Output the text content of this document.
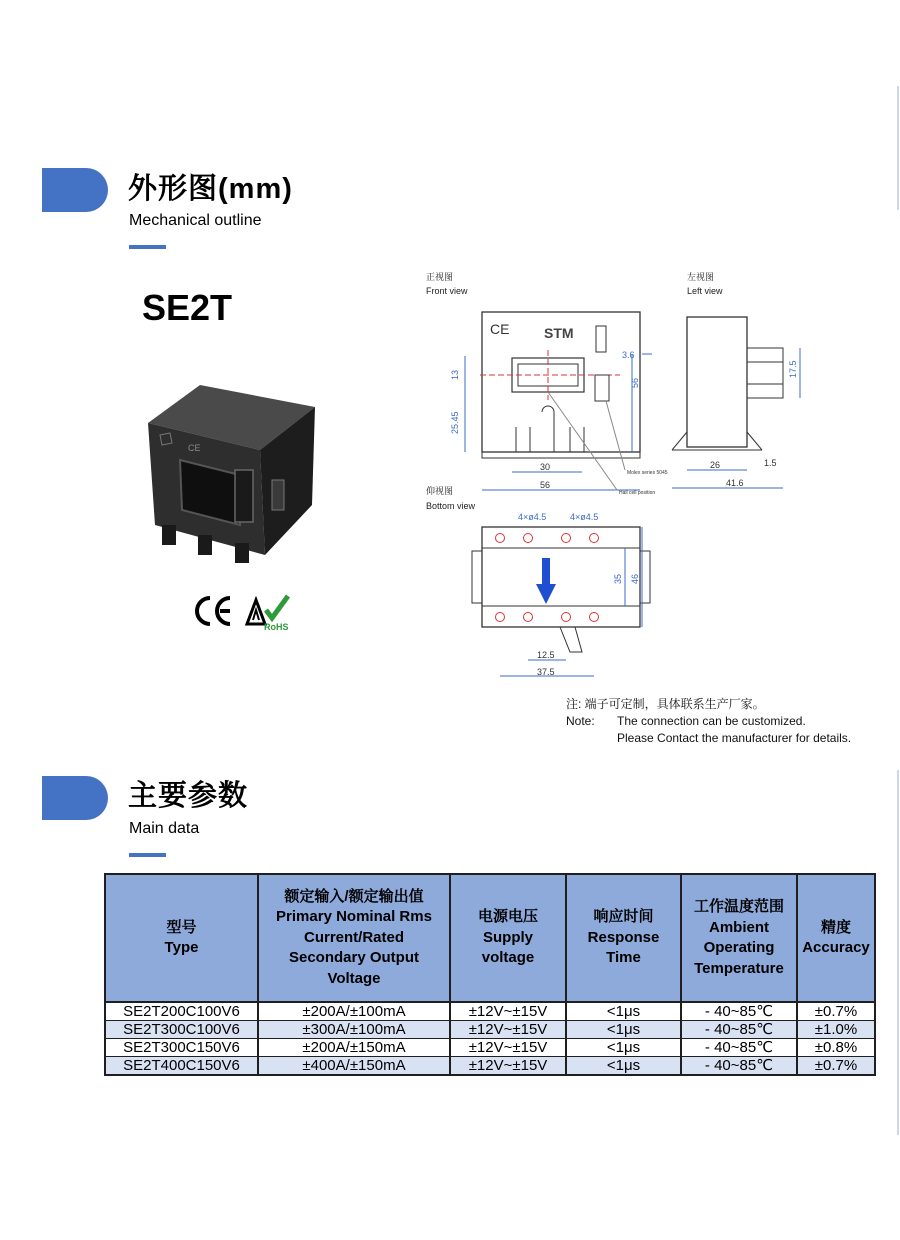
外形图(mm)
Mechanical outline
SE2T
CE
RoHS
正视图
Front view
左视图
Left view
仰视图
Bottom view
CE STM
13
25.45
3.6
56
30
56
Molex series 5045
Hall cell position
17.5
26	1.5
41.6
4×ø4.5	4×ø4.5
35 46
12.5
37.5
注: 端子可定制，具体联系生产厂家。
Note:	The connection can be customized.
Please Contact the manufacturer for details.
主要参数
Main data
型号
Type	额定输入/额定输出值
Primary Nominal Rms
Current/Rated
Secondary Output
Voltage	电源电压
Supply
voltage	响应时间
Response
Time	工作温度范围
Ambient
Operating
Temperature	精度
Accuracy

SE2T200C100V6	±200A/±100mA	±12V~±15V	<1μs	- 40~85℃	±0.7%
SE2T300C100V6	±300A/±100mA	±12V~±15V	<1μs	- 40~85℃	±1.0%
SE2T300C150V6	±200A/±150mA	±12V~±15V	<1μs	- 40~85℃	±0.8%
SE2T400C150V6	±400A/±150mA	±12V~±15V	<1μs	- 40~85℃	±0.7%
